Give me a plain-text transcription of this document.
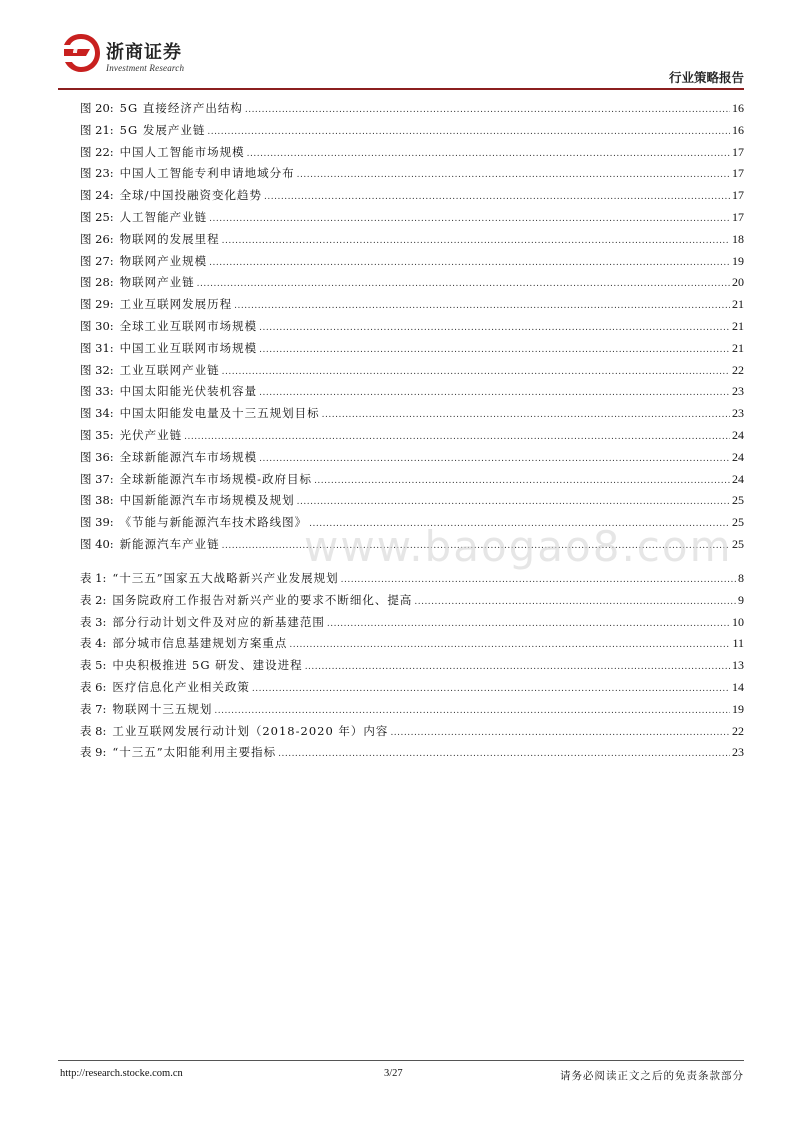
浙商证券
Investment Research
行业策略报告
图 20: 5G 直接经济产出结构 .....	16
图 21: 5G 发展产业链 .....	16
图 22: 中国人工智能市场规模 .....	17
图 23: 中国人工智能专利申请地域分布 .....	17
图 24: 全球/中国投融资变化趋势 .....	17
图 25: 人工智能产业链 .....	17
图 26: 物联网的发展里程 .....	18
图 27: 物联网产业规模 .....	19
图 28: 物联网产业链 .....	20
图 29: 工业互联网发展历程 .....	21
图 30: 全球工业互联网市场规模 .....	21
图 31: 中国工业互联网市场规模 .....	21
图 32: 工业互联网产业链 .....	22
图 33: 中国太阳能光伏装机容量 .....	23
图 34: 中国太阳能发电量及十三五规划目标 .....	23
图 35: 光伏产业链 .....	24
图 36: 全球新能源汽车市场规模 .....	24
图 37: 全球新能源汽车市场规模-政府目标 .....	24
图 38: 中国新能源汽车市场规模及规划 .....	25
图 39: 《节能与新能源汽车技术路线图》 .....	25
图 40: 新能源汽车产业链 .....	25
www.baogao8.com
表 1: “十三五”国家五大战略新兴产业发展规划 .....	8
表 2: 国务院政府工作报告对新兴产业的要求不断细化、提高 .....	9
表 3: 部分行动计划文件及对应的新基建范围 .....	10
表 4: 部分城市信息基建规划方案重点 .....	11
表 5: 中央积极推进 5G 研发、建设进程 .....	13
表 6: 医疗信息化产业相关政策 .....	14
表 7: 物联网十三五规划 .....	19
表 8: 工业互联网发展行动计划（2018-2020 年）内容 .....	22
表 9: “十三五”太阳能利用主要指标 .....	23
http://research.stocke.com.cn	3/27	请务必阅读正文之后的免责条款部分
